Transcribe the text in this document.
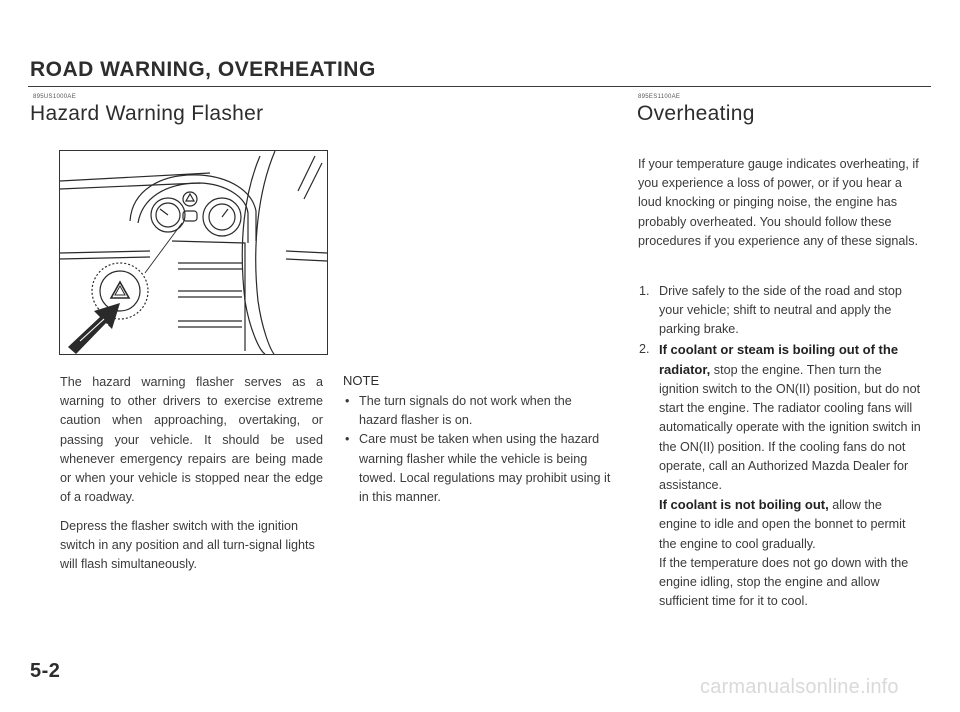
ROAD WARNING, OVERHEATING
895US1000AE
Hazard Warning Flasher
895ES1100AE
Overheating

The hazard warning flasher serves as a warning to other drivers to exercise extreme caution when approaching, overtaking, or passing your vehicle. It should be used whenever emergency repairs are being made or when your vehicle is stopped near the edge of a roadway.

Depress the flasher switch with the ignition switch in any position and all turn-signal lights will flash simultaneously.

NOTE
• The turn signals do not work when the hazard flasher is on.
• Care must be taken when using the hazard warning flasher while the vehicle is being towed. Local regulations may prohibit using it in this manner.

If your temperature gauge indicates overheating, if you experience a loss of power, or if you hear a loud knocking or pinging noise, the engine has probably overheated. You should follow these procedures if you experience any of these signals.

1. Drive safely to the side of the road and stop your vehicle; shift to neutral and apply the parking brake.
2. If coolant or steam is boiling out of the radiator, stop the engine. Then turn the ignition switch to the ON(II) position, but do not start the engine. The radiator cooling fans will automatically operate with the ignition switch in the ON(II) position. If the cooling fans do not operate, call an Authorized Mazda Dealer for assistance.
If coolant is not boiling out, allow the engine to idle and open the bonnet to permit the engine to cool gradually.
If the temperature does not go down with the engine idling, stop the engine and allow sufficient time for it to cool.
5-2
carmanualsonline.info
